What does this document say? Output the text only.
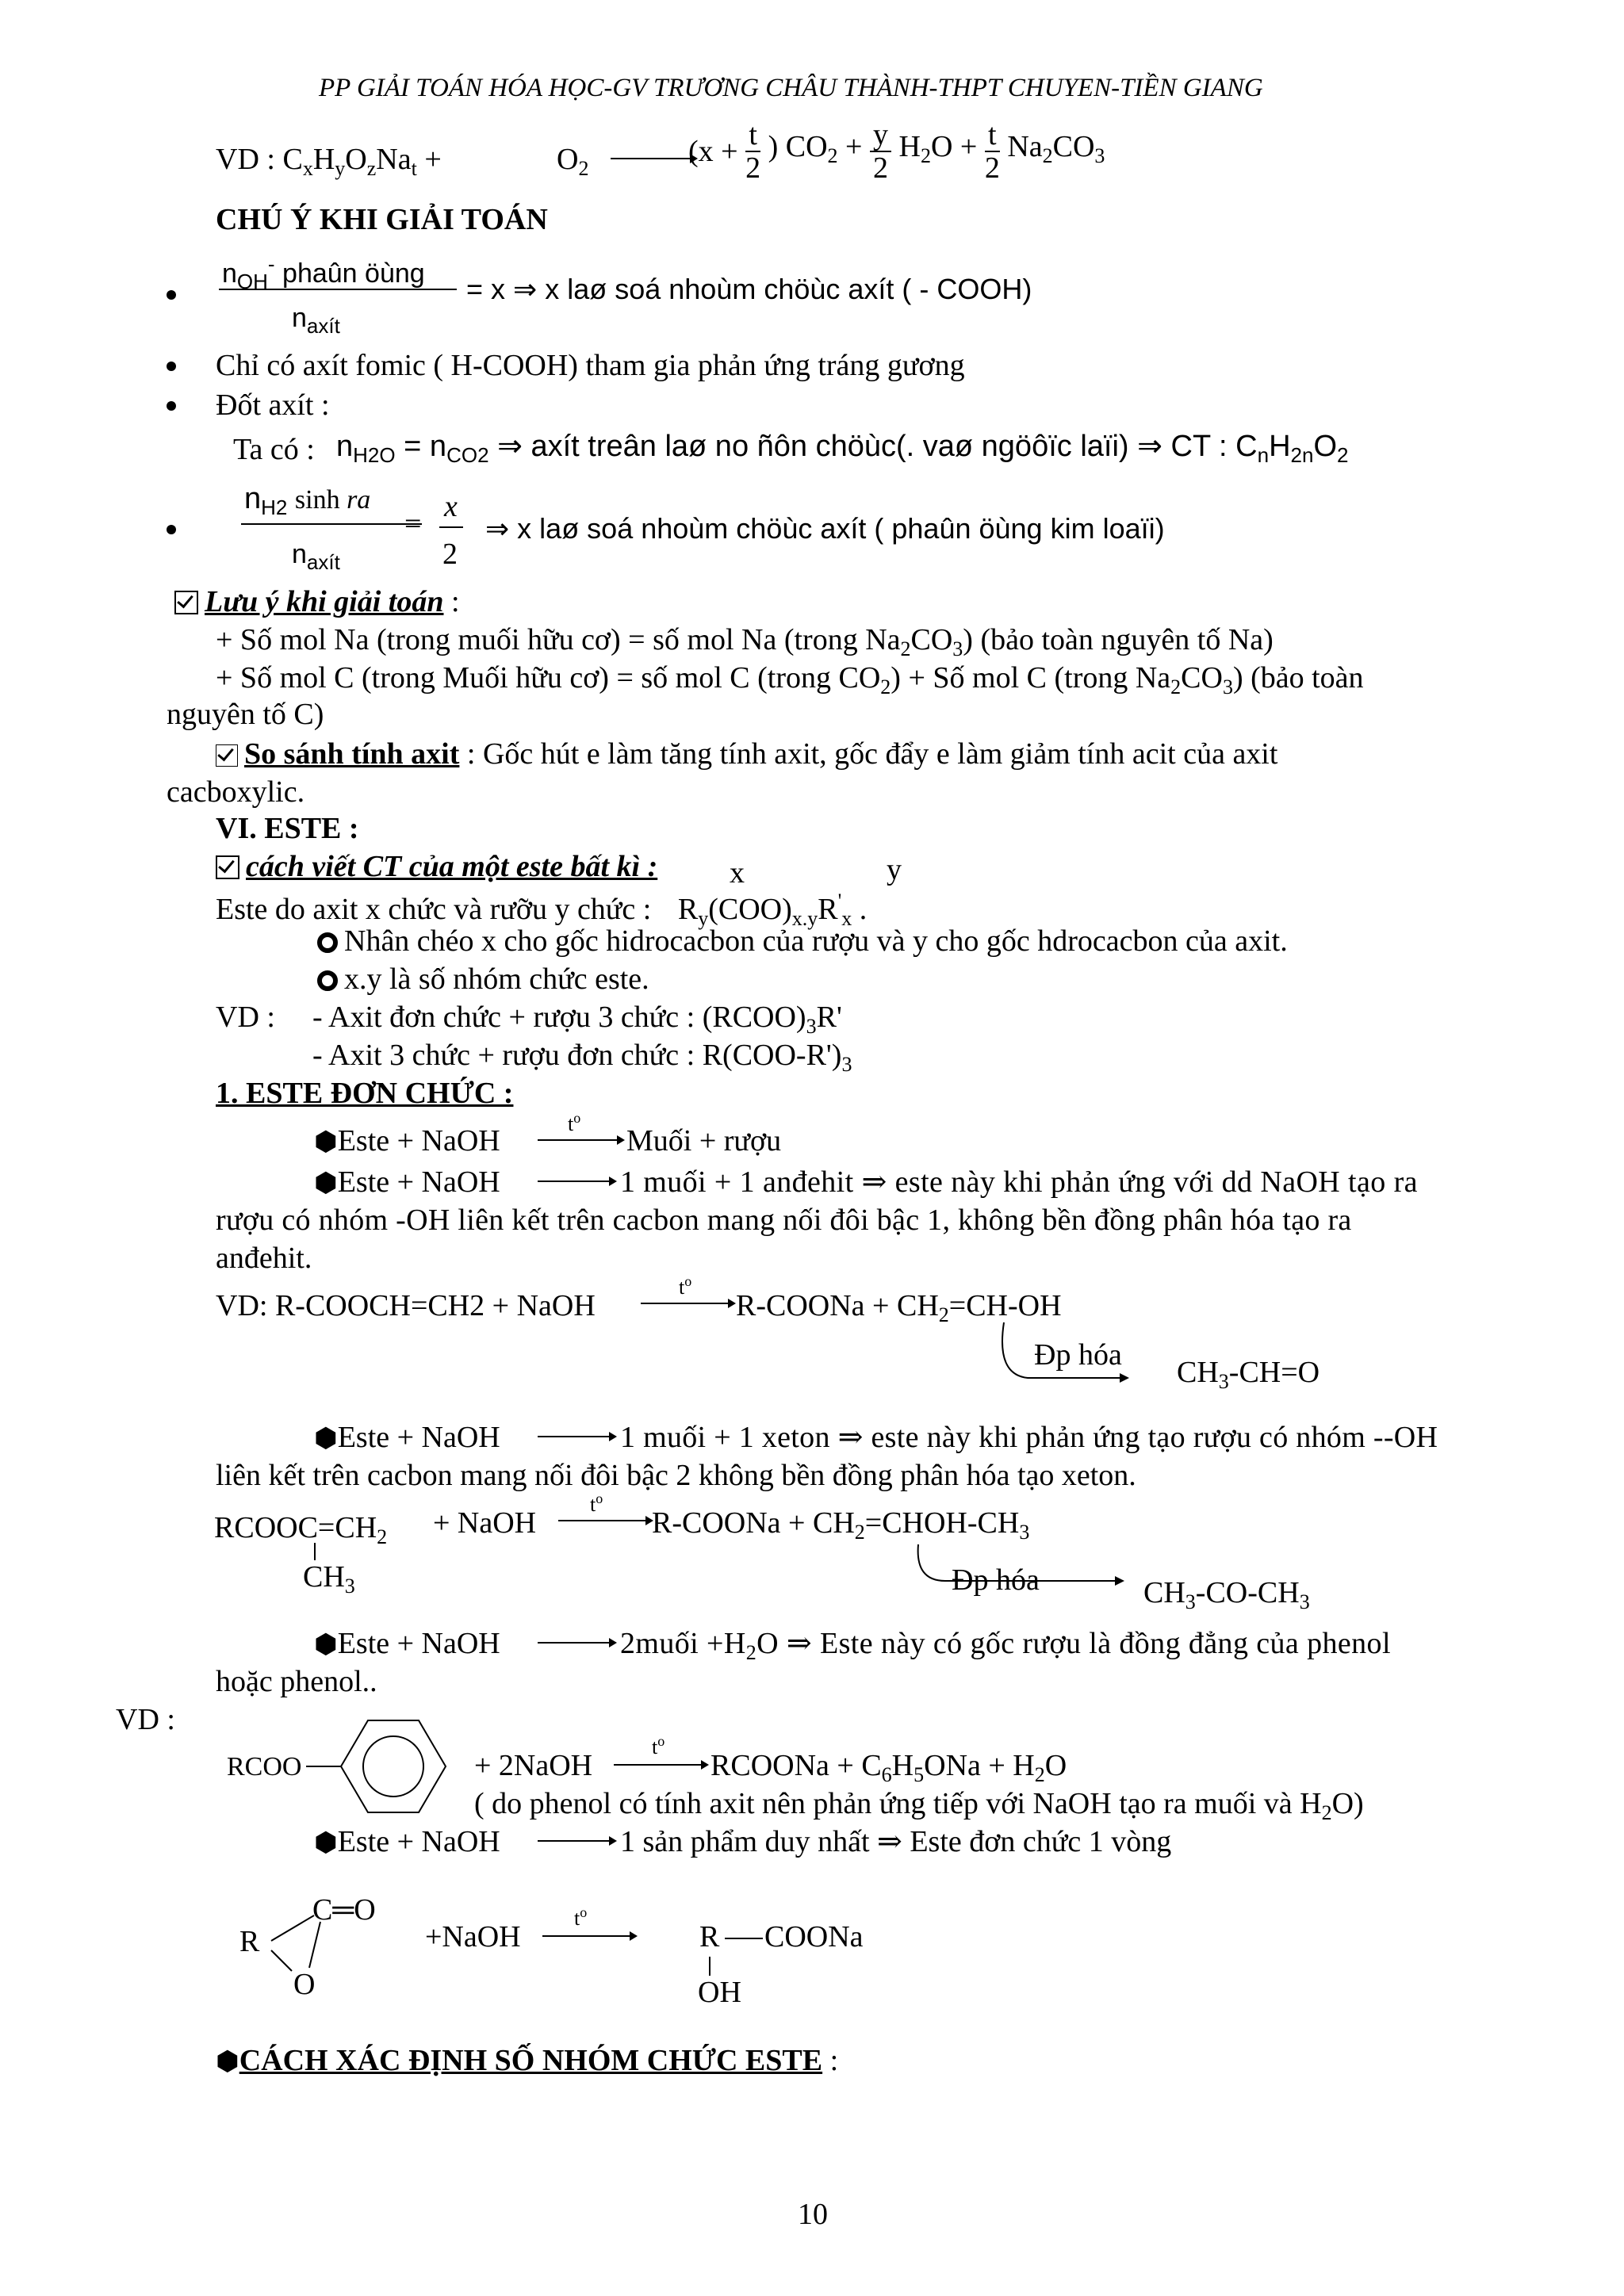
PP GIẢI TOÁN HÓA HỌC-GV TRƯƠNG CHÂU THÀNH-THPT CHUYEN-TIỀN GIANG
VD : $C_xH_yO_zNa_t$ +	$O_2$
($x + \frac{t}{2}$ ) $CO_2 + \frac{y}{2} H_2O + \frac{t}{2} Na_2CO_3$
CHÚ Ý KHI GIẢI TOÁN
$n_{OH}^-$ phaûn öùng
$n_{axít}$
= x ⇒ x laø soá nhoùm chöùc axít ( - COOH)
Chỉ có axít fomic ( H-COOH) tham gia phản ứng tráng gương
Đốt axít :
Ta có : $n_{H2O} = n_{CO2}$ ⇒ axít treân laø no ñôn chöùc(. vaø ngöôïc laïi) ⇒ CT : $C_nH_{2n}O_2$
$n_{H2}$ sinh ra
$n_{axít}$
=
x
2
⇒ x laø soá nhoùm chöùc axít ( phaûn öùng kim loaïi)
Lưu ý khi giải toán :
+ Số mol Na (trong muối hữu cơ) = số mol Na (trong $Na_2CO_3$) (bảo toàn nguyên tố Na)
+ Số mol C (trong Muối hữu cơ) = số mol C (trong $CO_2$) + Số mol C (trong $Na_2CO_3$) (bảo toàn
nguyên tố C)
So sánh tính axit : Gốc hút e làm tăng tính axit, gốc đẩy e làm giảm tính acit của axit
cacboxylic.
VI. ESTE :
cách viết CT của một este bất kì : x	y
Este do axit x chức và rưỡu y chức : $R_y(COO)_{x.y}R'_x$ .
Nhân chéo x cho gốc hidrocacbon của rượu và y cho gốc hdrocacbon của axit.
x.y là số nhóm chức este.
VD : - Axit đơn chức + rượu 3 chức : $(RCOO)_3R'$
- Axit 3 chức + rượu đơn chức : $R(COO-R')_3$
1. ESTE ĐƠN CHỨC :
⬢Este + NaOH
$t^o$
Muối + rượu
⬢Este + NaOH	1 muối + 1 anđehit ⇒ este này khi phản ứng với dd NaOH tạo ra
rượu có nhóm -OH liên kết trên cacbon mang nối đôi bậc 1, không bền đồng phân hóa tạo ra
anđehit.
VD: R-COOCH=CH2 + NaOH
$t^o$
R-COONa + $CH_2=CH-OH$
Đp hóa
$CH_3-CH=O$
⬢Este + NaOH	1 muối + 1 xeton ⇒ este này khi phản ứng tạo rượu có nhóm --OH
liên kết trên cacbon mang nối đôi bậc 2 không bền đồng phân hóa tạo xeton.
$RCOOC=CH_2$
$CH_3$
+ NaOH
$t^o$
R-COONa + $CH_2=CHOH-CH_3$
Đp hóa	$CH_3-CO-CH_3$
⬢Este + NaOH	2muối $+H_2O$ ⇒ Este này có gốc rượu là đồng đẳng của phenol
hoặc phenol..
VD :
RCOO	+ 2NaOH
$t^o$
RCOONa + $C_6H_5ONa + H_2O$
( do phenol có tính axit nên phản ứng tiếp với NaOH tạo ra muối và $H_2O$)
⬢Este + NaOH	1 sản phẩm duy nhất ⇒ Este đơn chức 1 vòng
C═O
R
O
+NaOH
$t^o$
R COONa
OH
⬢CÁCH XÁC ĐỊNH SỐ NHÓM CHỨC ESTE :
10
